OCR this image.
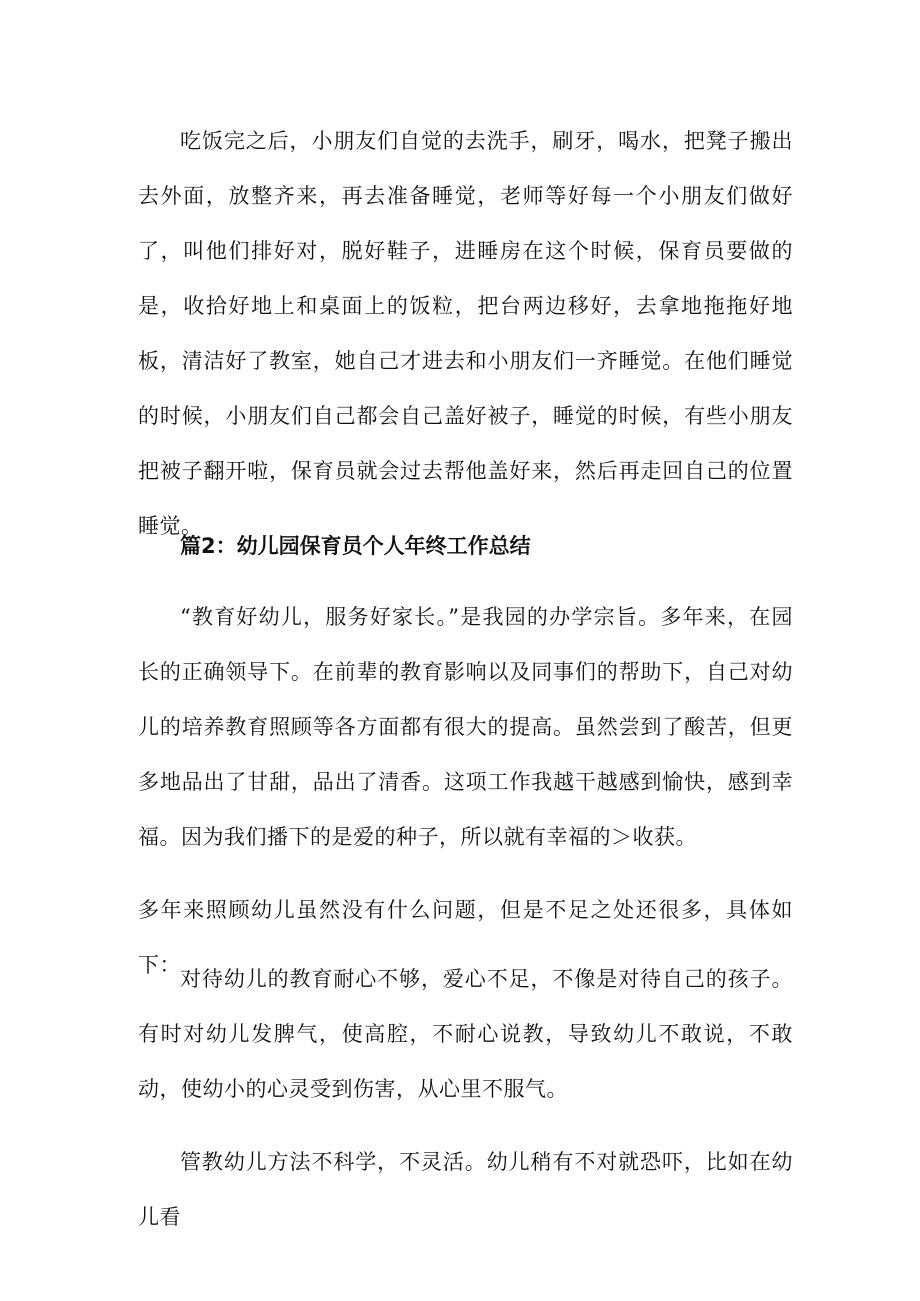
吃饭完之后，小朋友们自觉的去洗手，刷牙，喝水，把凳子搬出去外面，放整齐来，再去准备睡觉，老师等好每一个小朋友们做好了，叫他们排好对，脱好鞋子，进睡房在这个时候，保育员要做的是，收拾好地上和桌面上的饭粒，把台两边移好，去拿地拖拖好地板，清洁好了教室，她自己才进去和小朋友们一齐睡觉。在他们睡觉的时候，小朋友们自己都会自己盖好被子，睡觉的时候，有些小朋友把被子翻开啦，保育员就会过去帮他盖好来，然后再走回自己的位置睡觉。

篇2：幼儿园保育员个人年终工作总结

“教育好幼儿，服务好家长。”是我园的办学宗旨。多年来，在园长的正确领导下。在前辈的教育影响以及同事们的帮助下，自己对幼儿的培养教育照顾等各方面都有很大的提高。虽然尝到了酸苦，但更多地品出了甘甜，品出了清香。这项工作我越干越感到愉快，感到幸福。因为我们播下的是爱的种子，所以就有幸福的＞收获。

多年来照顾幼儿虽然没有什么问题，但是不足之处还很多，具体如下：

对待幼儿的教育耐心不够，爱心不足，不像是对待自己的孩子。有时对幼儿发脾气，使高腔，不耐心说教，导致幼儿不敢说，不敢动，使幼小的心灵受到伤害，从心里不服气。

管教幼儿方法不科学，不灵活。幼儿稍有不对就恐吓，比如在幼儿看
